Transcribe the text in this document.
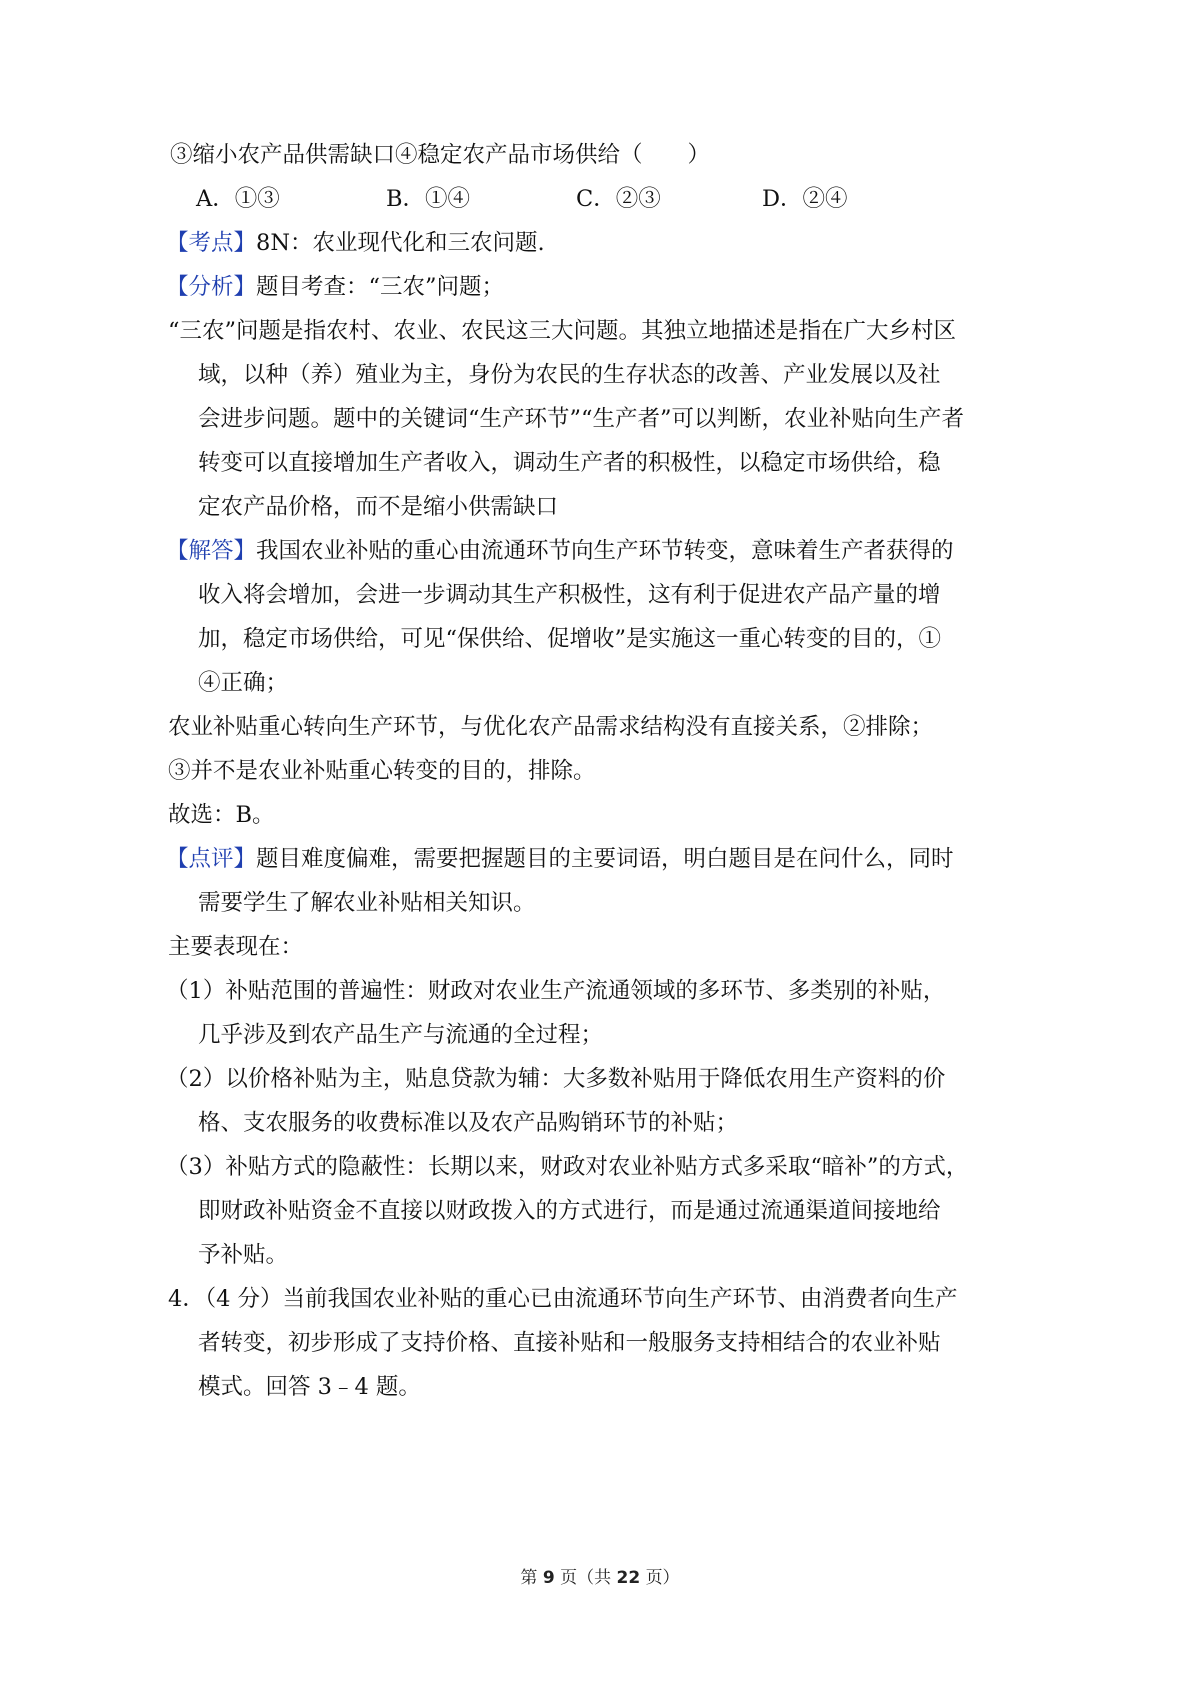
③缩小农产品供需缺口④稳定农产品市场供给（　　）
A．①③	B．①④	C．②③	D．②④
【考点】8N：农业现代化和三农问题.
【分析】题目考查：“三农”问题；
“三农”问题是指农村、农业、农民这三大问题。其独立地描述是指在广大乡村区
域，以种（养）殖业为主，身份为农民的生存状态的改善、产业发展以及社
会进步问题。题中的关键词“生产环节”“生产者”可以判断，农业补贴向生产者
转变可以直接增加生产者收入，调动生产者的积极性，以稳定市场供给，稳
定农产品价格，而不是缩小供需缺口
【解答】我国农业补贴的重心由流通环节向生产环节转变，意味着生产者获得的
收入将会增加，会进一步调动其生产积极性，这有利于促进农产品产量的增
加，稳定市场供给，可见“保供给、促增收”是实施这一重心转变的目的，①
④正确；
农业补贴重心转向生产环节，与优化农产品需求结构没有直接关系，②排除；
③并不是农业补贴重心转变的目的，排除。
故选：B。
【点评】题目难度偏难，需要把握题目的主要词语，明白题目是在问什么，同时
需要学生了解农业补贴相关知识。
主要表现在：
（1）补贴范围的普遍性：财政对农业生产流通领域的多环节、多类别的补贴，
几乎涉及到农产品生产与流通的全过程；
（2）以价格补贴为主，贴息贷款为辅：大多数补贴用于降低农用生产资料的价
格、支农服务的收费标准以及农产品购销环节的补贴；
（3）补贴方式的隐蔽性：长期以来，财政对农业补贴方式多采取“暗补”的方式，
即财政补贴资金不直接以财政拨入的方式进行，而是通过流通渠道间接地给
予补贴。
4．（4 分）当前我国农业补贴的重心已由流通环节向生产环节、由消费者向生产
者转变，初步形成了支持价格、直接补贴和一般服务支持相结合的农业补贴
模式。回答 3﹣4 题。
第 9 页（共 22 页）
